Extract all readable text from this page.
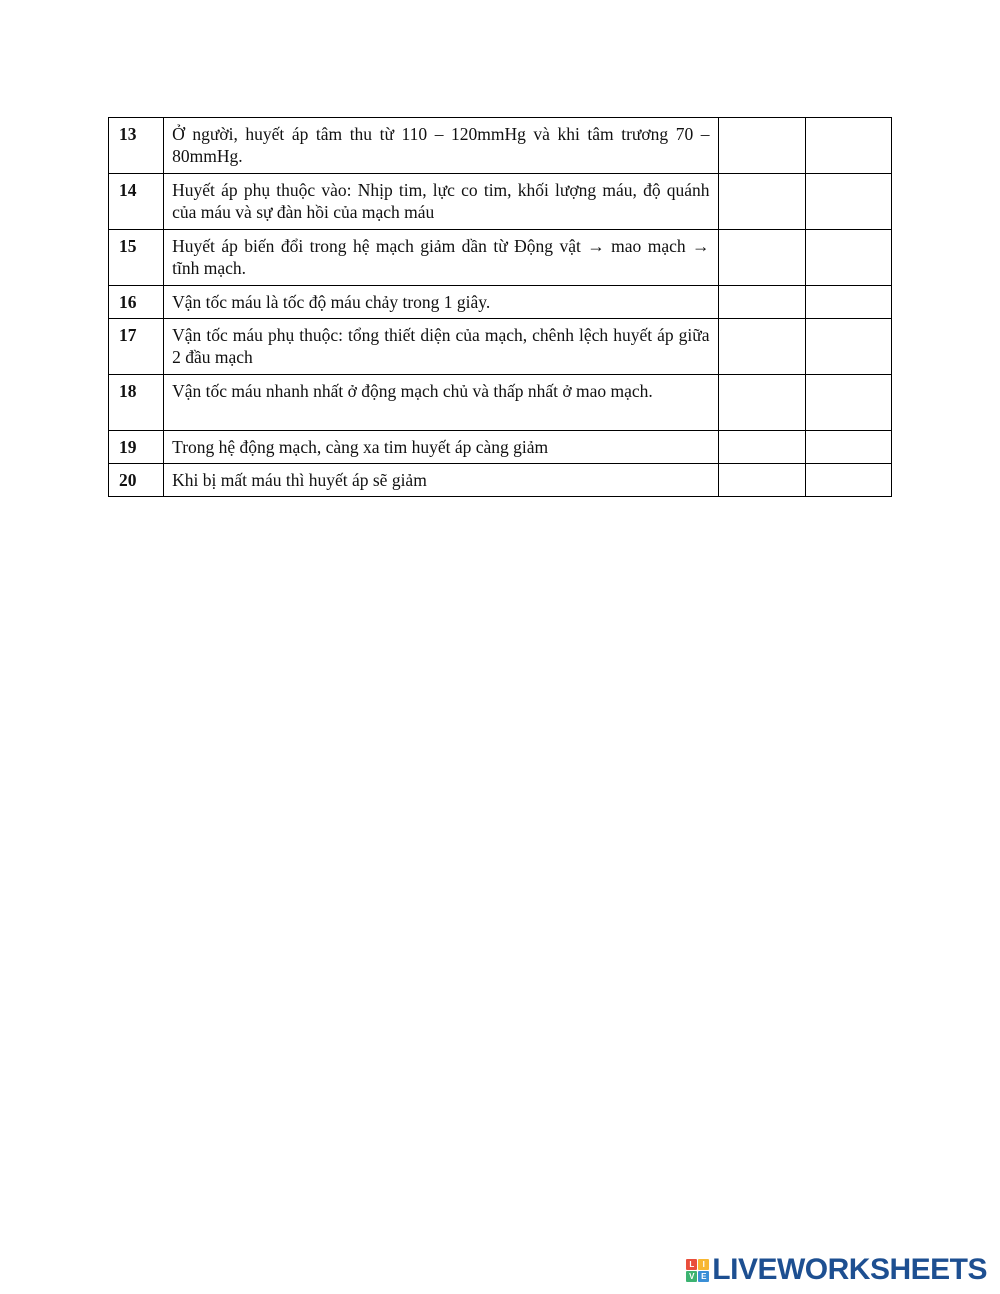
13	Ở người, huyết áp tâm thu từ 110 – 120mmHg và khi tâm trương 70 – 80mmHg.		
14	Huyết áp phụ thuộc vào: Nhịp tim, lực co tim, khối lượng máu, độ quánh của máu và sự đàn hồi của mạch máu		
15	Huyết áp biến đổi trong hệ mạch giảm dần từ Động vật → mao mạch → tĩnh mạch.		
16	Vận tốc máu là tốc độ máu chảy trong 1 giây.		
17	Vận tốc máu phụ thuộc: tổng thiết diện của mạch, chênh lệch huyết áp giữa 2 đầu mạch		
18	Vận tốc máu nhanh nhất ở động mạch chủ và thấp nhất ở mao mạch.		
19	Trong hệ động mạch, càng xa tim huyết áp càng giảm		
20	Khi bị mất máu thì huyết áp sẽ giảm		
L	I
V E LIVEWORKSHEETS
